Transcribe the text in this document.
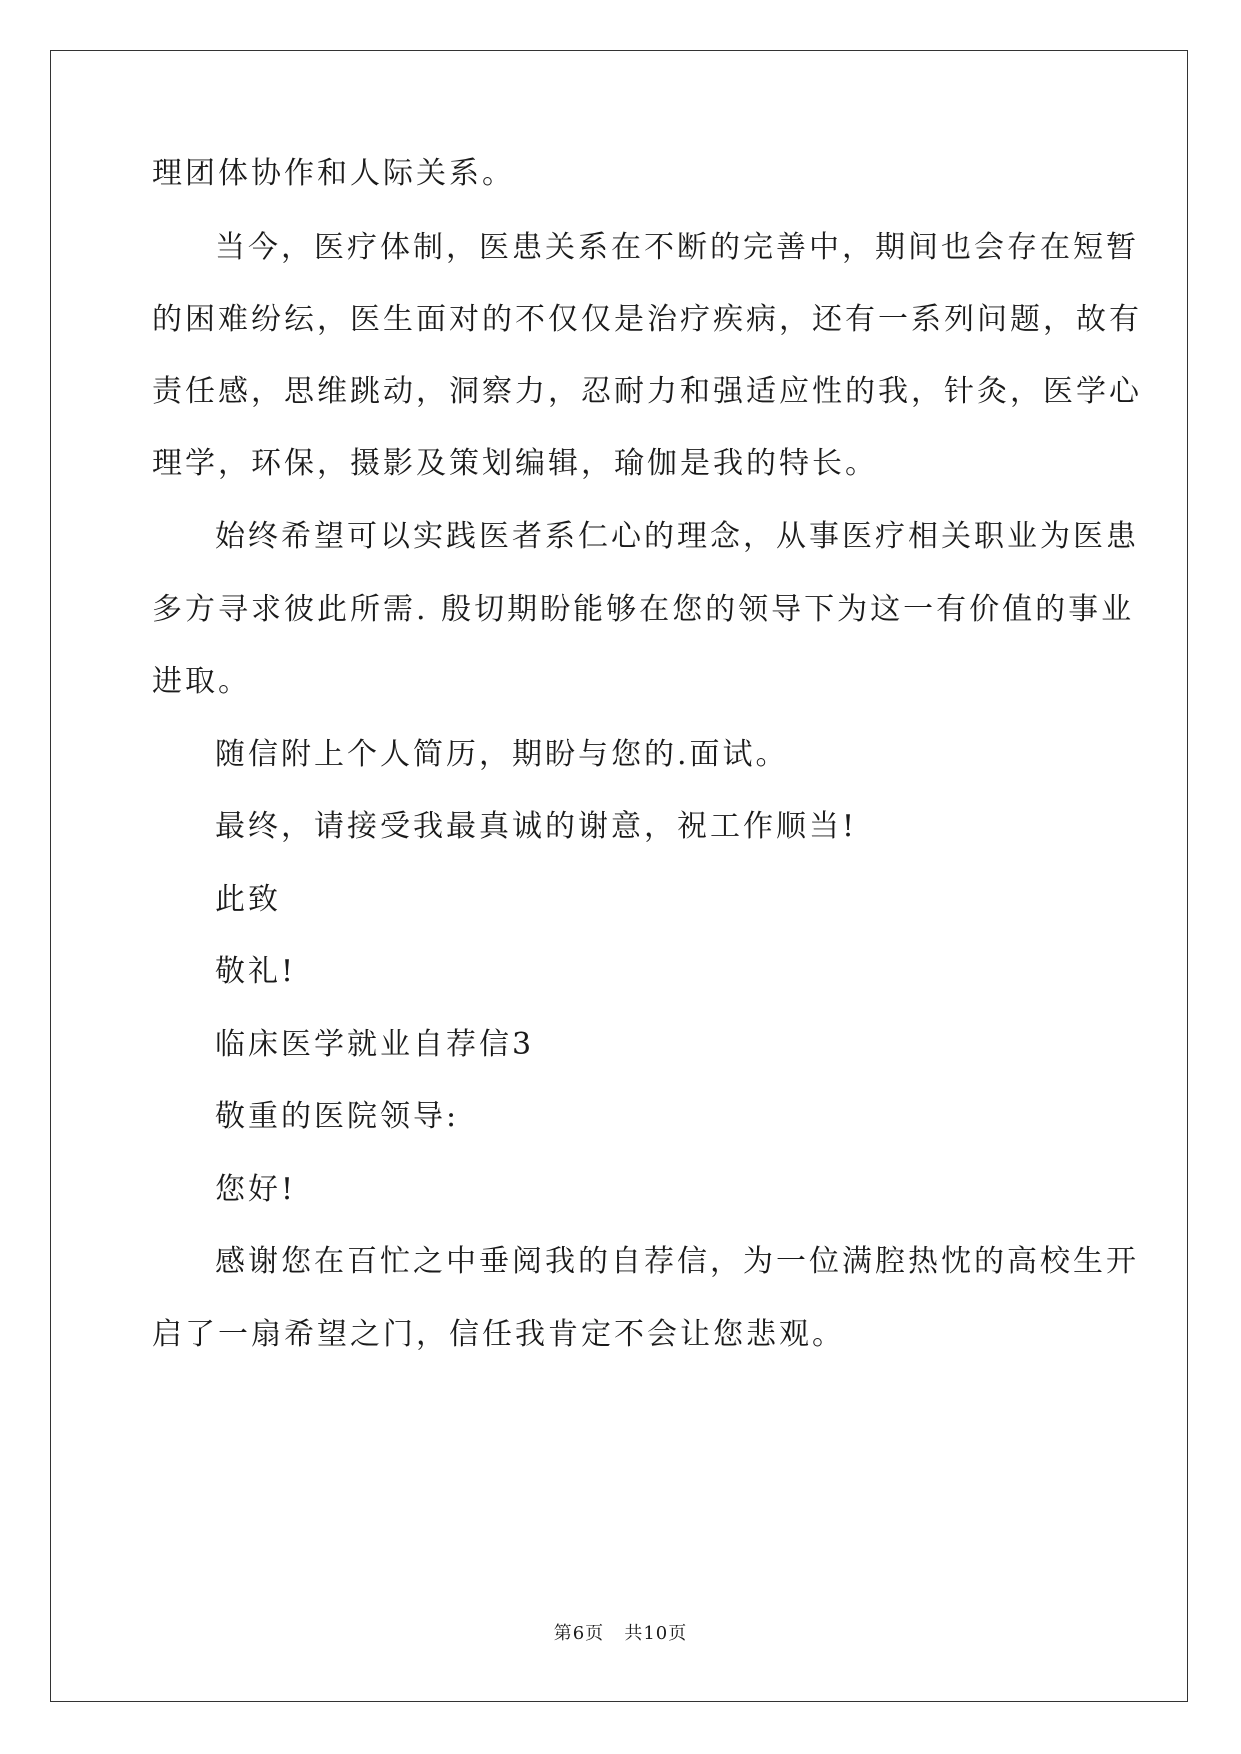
理团体协作和人际关系。
当今，医疗体制，医患关系在不断的完善中，期间也会存在短暂
的困难纷纭，医生面对的不仅仅是治疗疾病，还有一系列问题，故有
责任感，思维跳动，洞察力，忍耐力和强适应性的我，针灸，医学心
理学，环保，摄影及策划编辑，瑜伽是我的特长。
始终希望可以实践医者系仁心的理念，从事医疗相关职业为医患
多方寻求彼此所需. 殷切期盼能够在您的领导下为这一有价值的事业
进取。
随信附上个人简历，期盼与您的.面试。
最终，请接受我最真诚的谢意，祝工作顺当!
此致
敬礼!
临床医学就业自荐信3
敬重的医院领导:
您好!
感谢您在百忙之中垂阅我的自荐信，为一位满腔热忱的高校生开
启了一扇希望之门，信任我肯定不会让您悲观。
第6页   共10页
